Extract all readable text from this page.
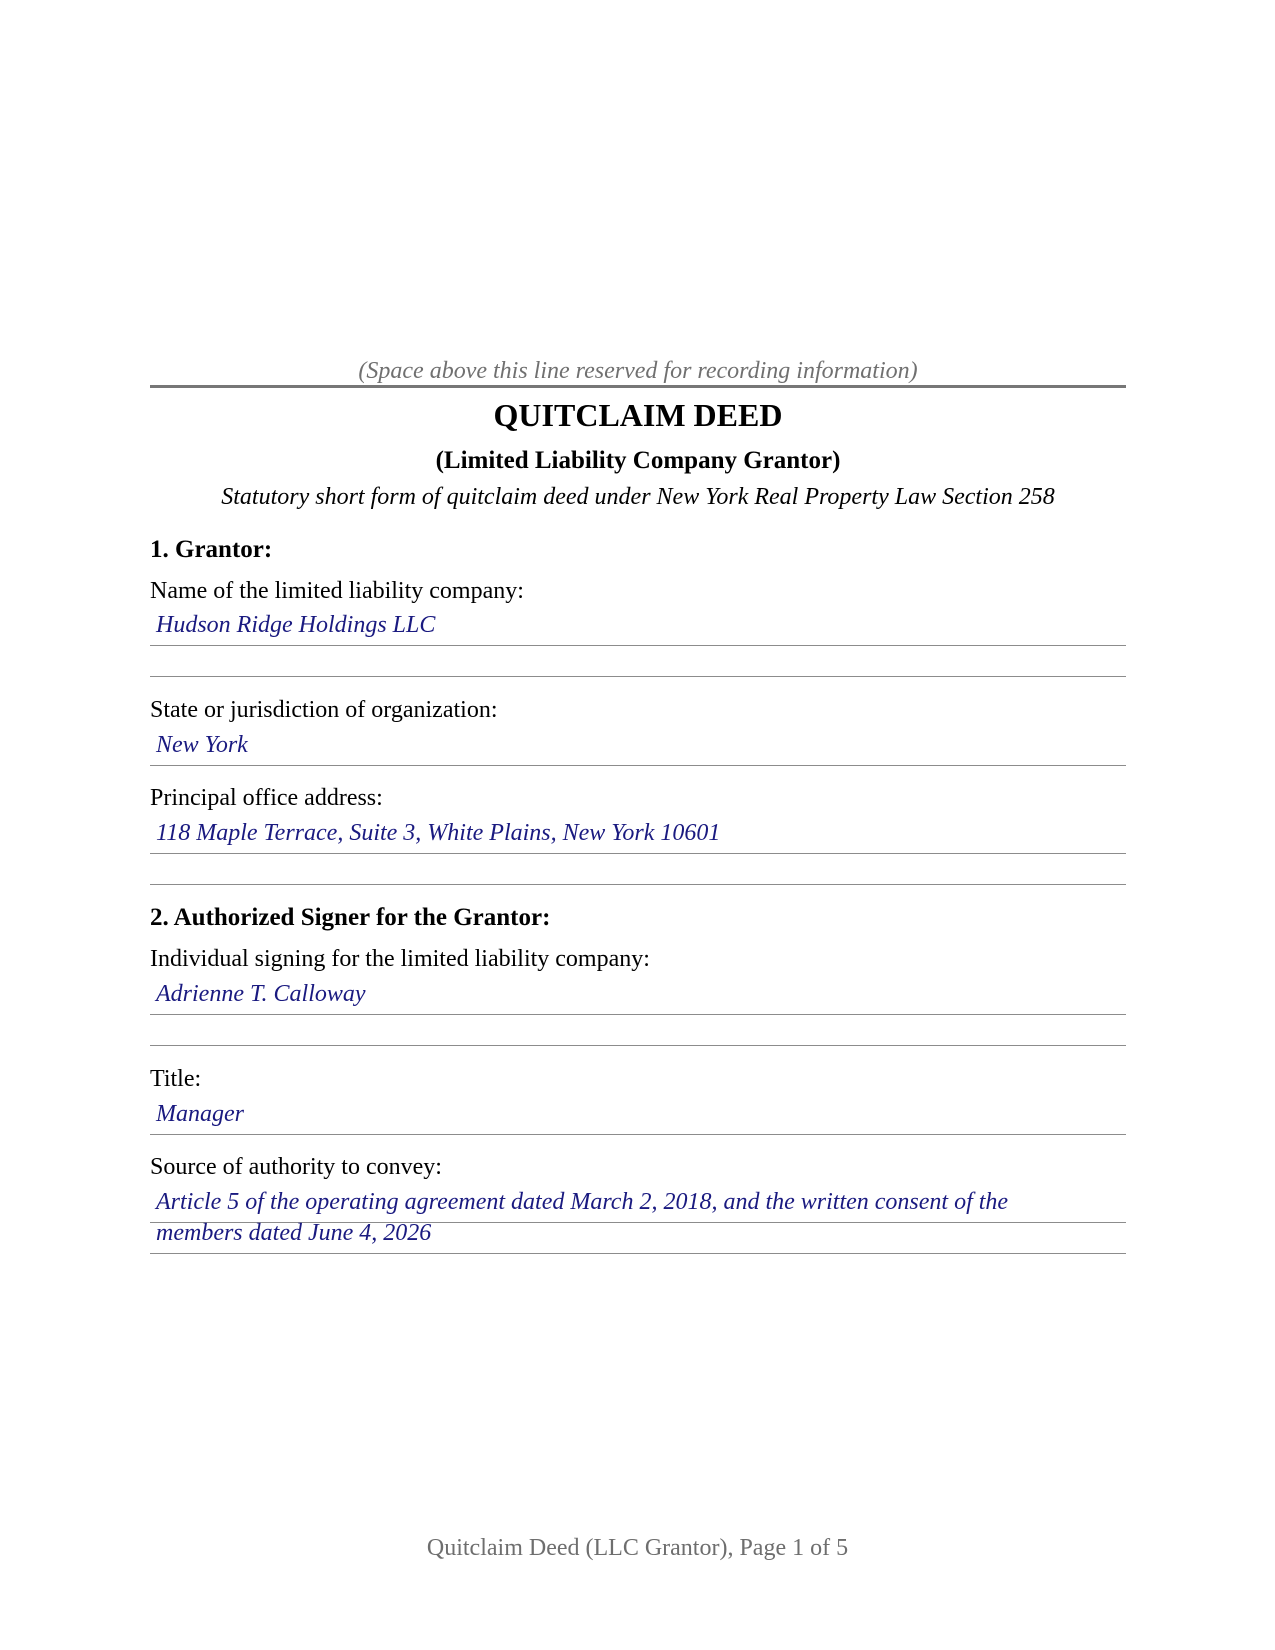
(Space above this line reserved for recording information)
QUITCLAIM DEED
(Limited Liability Company Grantor)
Statutory short form of quitclaim deed under New York Real Property Law Section 258
1. Grantor:
Name of the limited liability company:
Hudson Ridge Holdings LLC
State or jurisdiction of organization:
New York
Principal office address:
118 Maple Terrace, Suite 3, White Plains, New York 10601
2. Authorized Signer for the Grantor:
Individual signing for the limited liability company:
Adrienne T. Calloway
Title:
Manager
Source of authority to convey:
Article 5 of the operating agreement dated March 2, 2018, and the written consent of the
members dated June 4, 2026
Quitclaim Deed (LLC Grantor), Page 1 of 5
